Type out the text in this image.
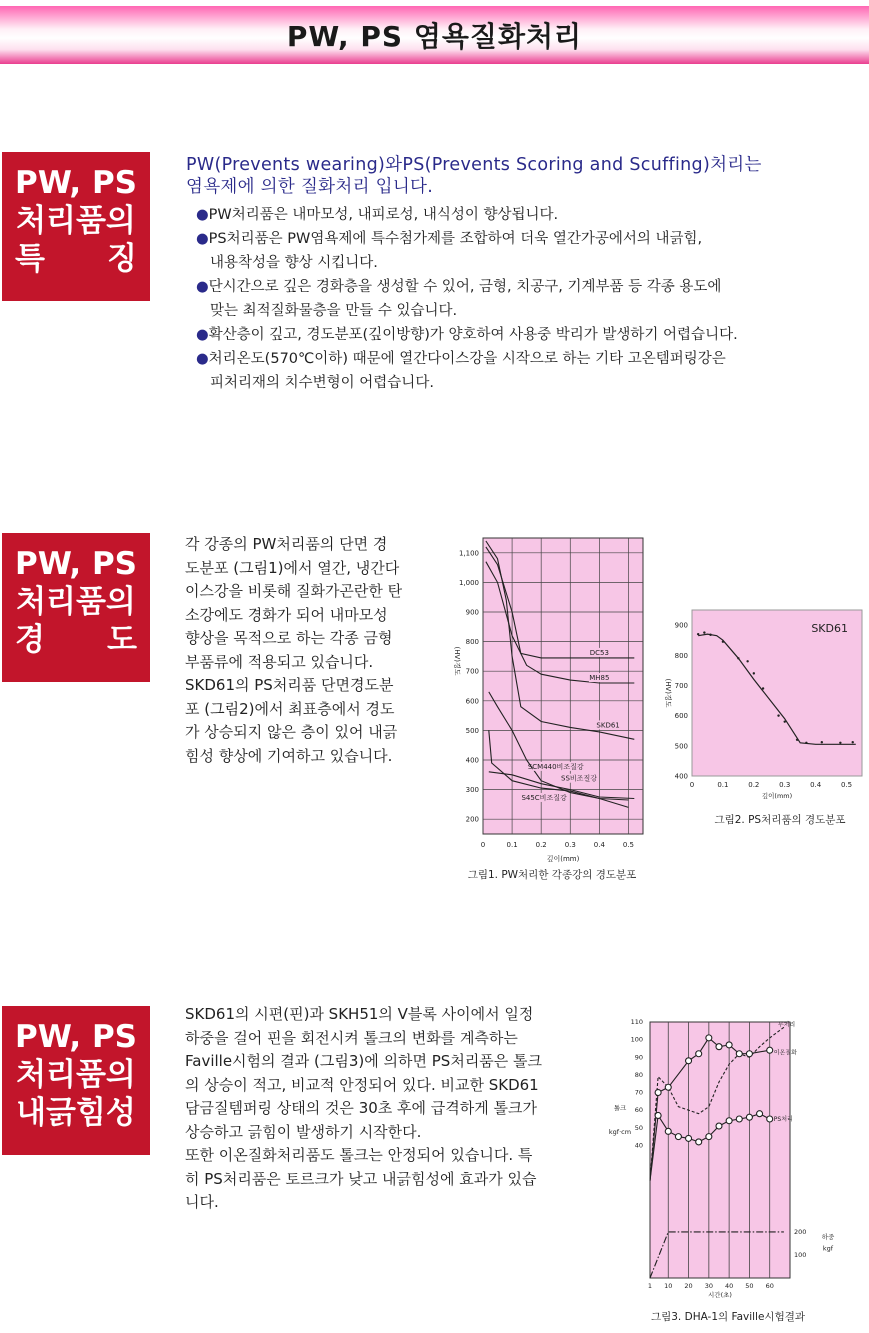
PW, PS 염욕질화처리
PW, PS
처리품의
특　　징
PW(Prevents wearing)와PS(Prevents Scoring and Scuffing)처리는
염욕제에 의한 질화처리 입니다.
●PW처리품은 내마모성, 내피로성, 내식성이 향상됩니다.
●PS처리품은 PW염욕제에 특수첨가제를 조합하여 더욱 열간가공에서의 내긁힘,
내용착성을 향상 시킵니다.
●단시간으로 깊은 경화층을 생성할 수 있어, 금형, 치공구, 기계부품 등 각종 용도에
맞는 최적질화물층을 만들 수 있습니다.
●확산층이 깊고, 경도분포(깊이방향)가 양호하여 사용중 박리가 발생하기 어렵습니다.
●처리온도(570℃이하) 때문에 열간다이스강을 시작으로 하는 기타 고온템퍼링강은
피처리재의 치수변형이 어렵습니다.
PW, PS
처리품의
경　　도
각 강종의 PW처리품의 단면 경
도분포 (그림1)에서 열간, 냉간다
이스강을 비롯해 질화가곤란한 탄
소강에도 경화가 되어 내마모성
향상을 목적으로 하는 각종 금형
부품류에 적용되고 있습니다.
SKD61의 PS처리품 단면경도분
포 (그림2)에서 최표층에서 경도
가 상승되지 않은 층이 있어 내긁
힘성 향상에 기여하고 있습니다.
0	0.1	0.2	0.3	0.4	0.5
200
300
400
500
600
700
800
900
1,000
1,100
깊이(mm)
(HV)경도	DC53
MH85
SKD61
SCM440비조질강
SS비조질강
S45C비조질강
그림1. PW처리한 각종강의 경도분포
0	0.1	0.2	0.3	0.4	0.5
400
500
600
700
800
900
깊이(mm)
(HV)경도
SKD61
그림2. PS처리품의 경도분포
PW, PS
처리품의
내긁힘성
SKD61의 시편(핀)과 SKH51의 V블록 사이에서 일정
하중을 걸어 핀을 회전시켜 톨크의 변화를 계측하는
Faville시험의 결과 (그림3)에 의하면 PS처리품은 톨크
의 상승이 적고, 비교적 안정되어 있다. 비교한 SKD61
담금질템퍼링 상태의 것은 30초 후에 급격하게 톨크가
상승하고 긁힘이 발생하기 시작한다.
또한 이온질화처리품도 톨크는 안정되어 있습니다. 특
히 PS처리품은 토르크가 낮고 내긁힘성에 효과가 있습
니다.
1 10 20 30 40 50 60
40
50
60
70
80
90
100
110
100
200
시간(초)
톨크
kgf·cm
하중
kgf
무처리
이온질화
PS처리
그림3. DHA-1의 Faville시험결과
